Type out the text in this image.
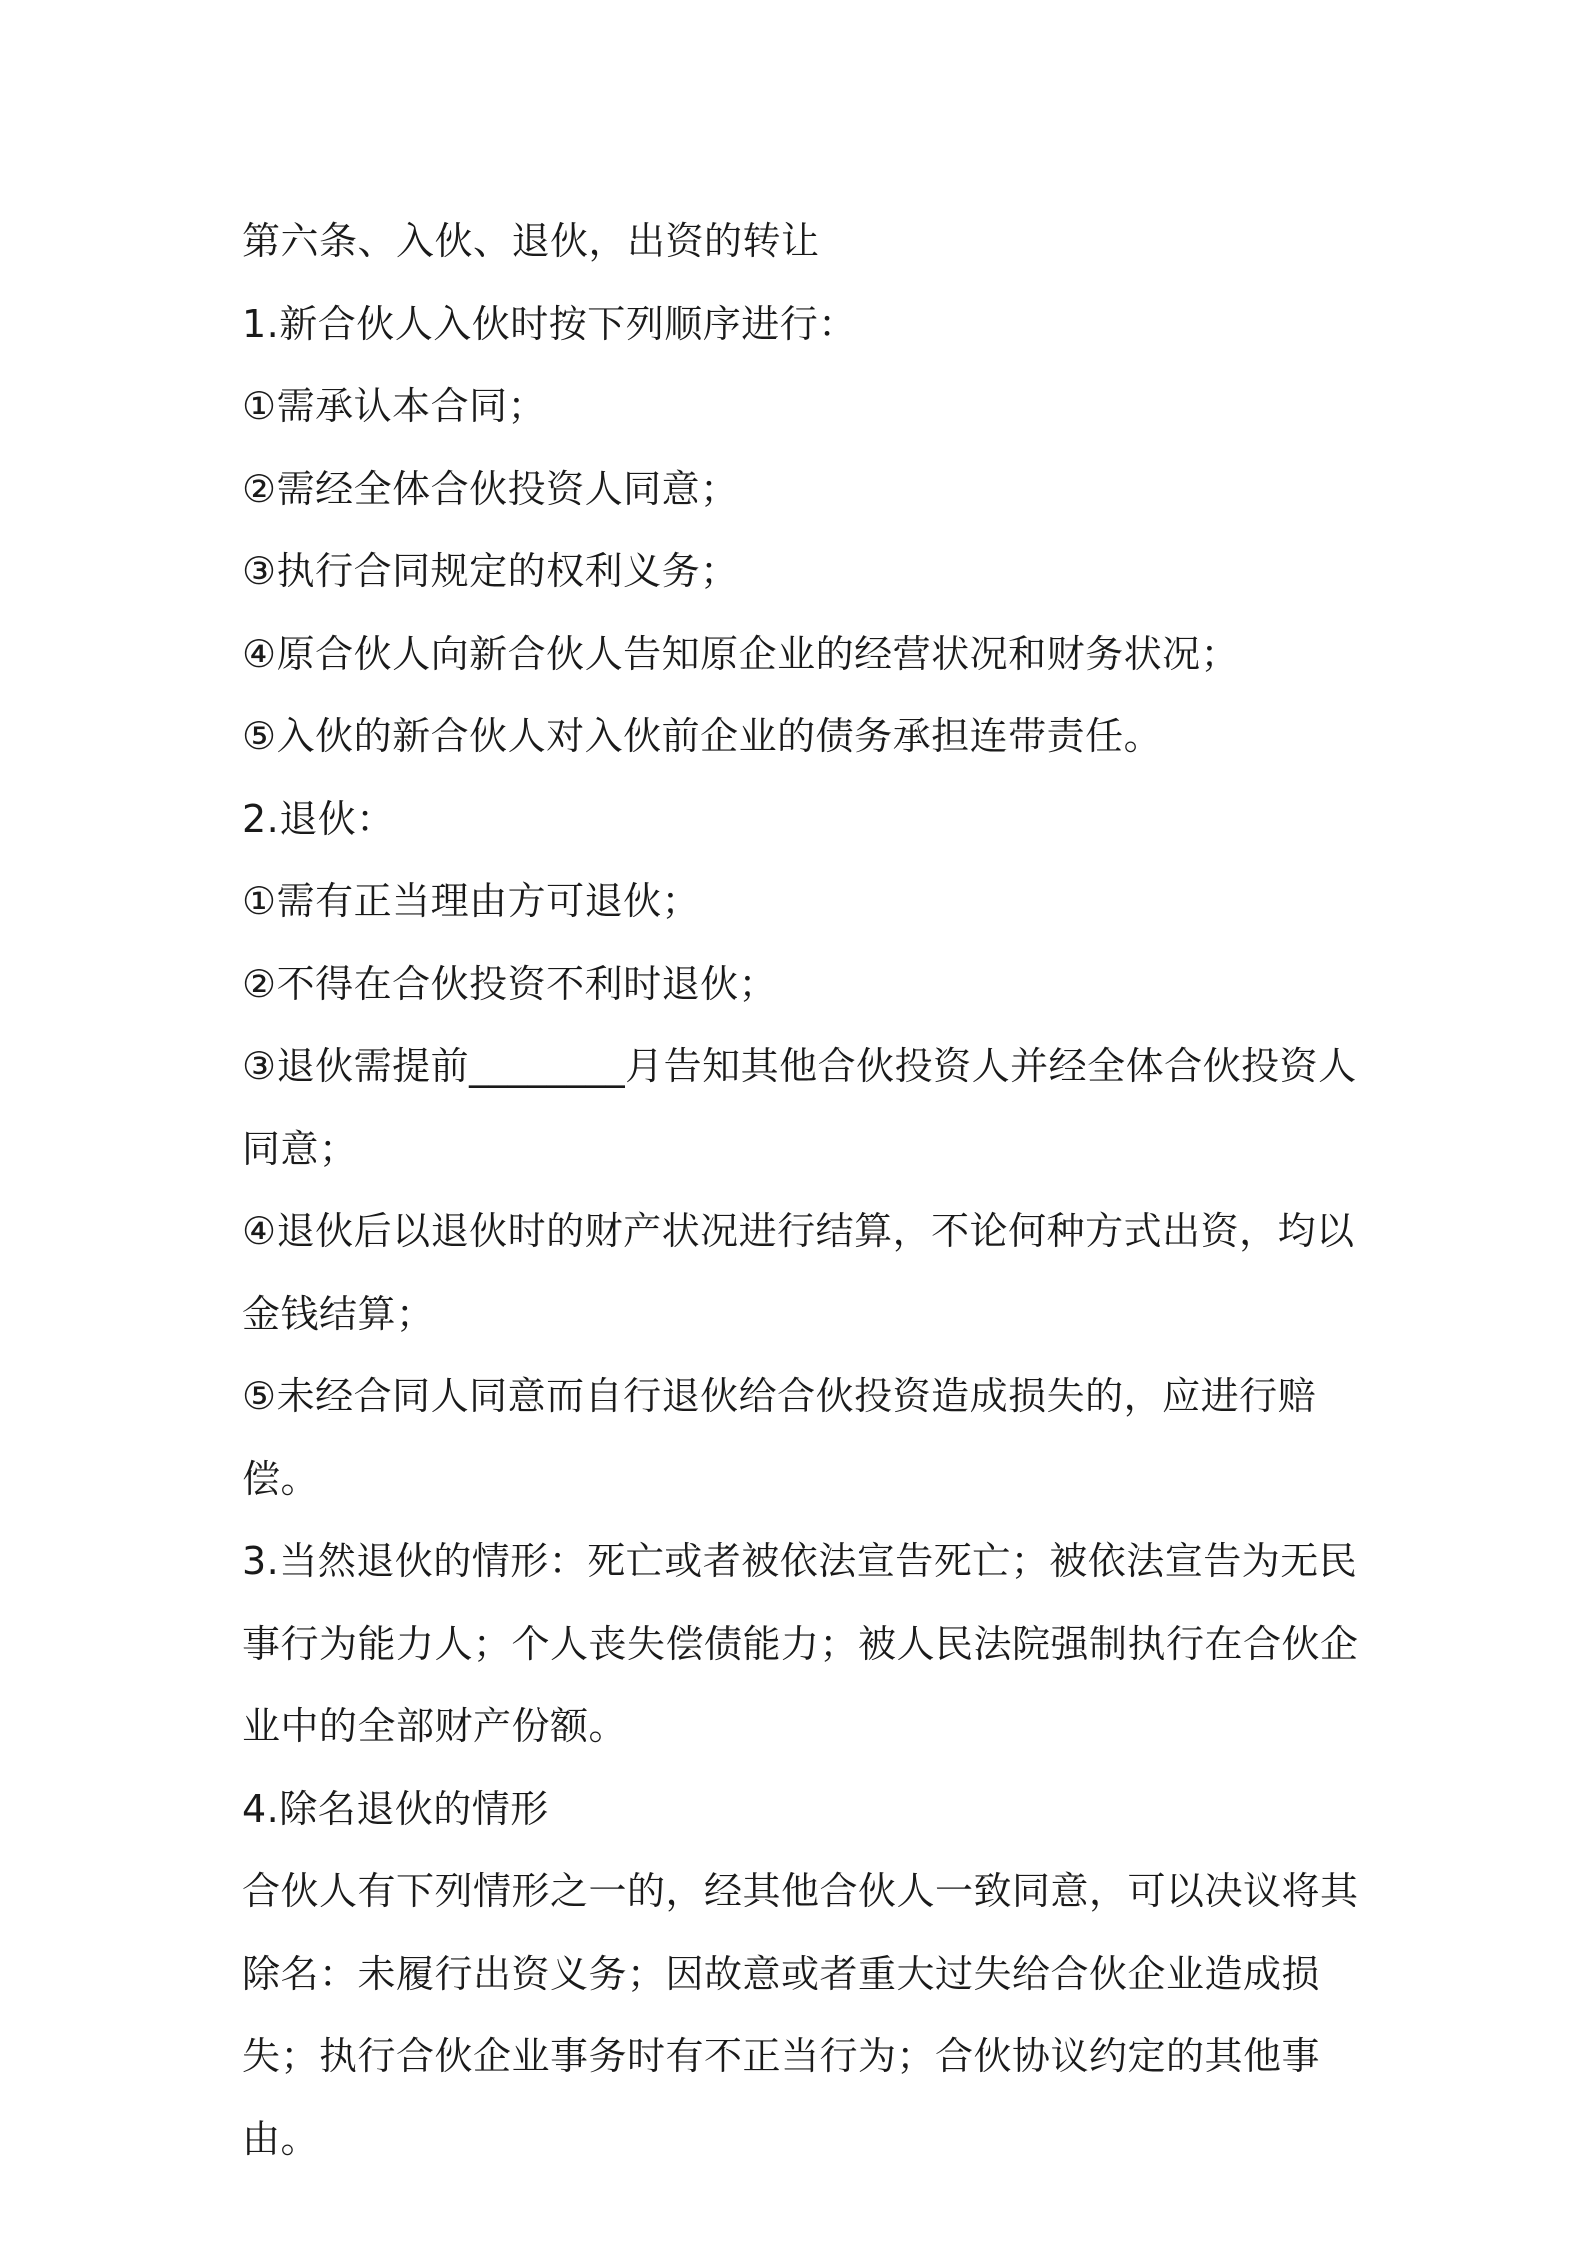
第六条、入伙、退伙，出资的转让

1.新合伙人入伙时按下列顺序进行：

①需承认本合同；

②需经全体合伙投资人同意；

③执行合同规定的权利义务；

④原合伙人向新合伙人告知原企业的经营状况和财务状况；

⑤入伙的新合伙人对入伙前企业的债务承担连带责任。

2.退伙：

①需有正当理由方可退伙；

②不得在合伙投资不利时退伙；

③退伙需提前________月告知其他合伙投资人并经全体合伙投资人同意；

④退伙后以退伙时的财产状况进行结算，不论何种方式出资，均以金钱结算；

⑤未经合同人同意而自行退伙给合伙投资造成损失的，应进行赔偿。

3.当然退伙的情形：死亡或者被依法宣告死亡；被依法宣告为无民事行为能力人；个人丧失偿债能力；被人民法院强制执行在合伙企业中的全部财产份额。

4.除名退伙的情形

合伙人有下列情形之一的，经其他合伙人一致同意，可以决议将其除名：未履行出资义务；因故意或者重大过失给合伙企业造成损失；执行合伙企业事务时有不正当行为；合伙协议约定的其他事由。
